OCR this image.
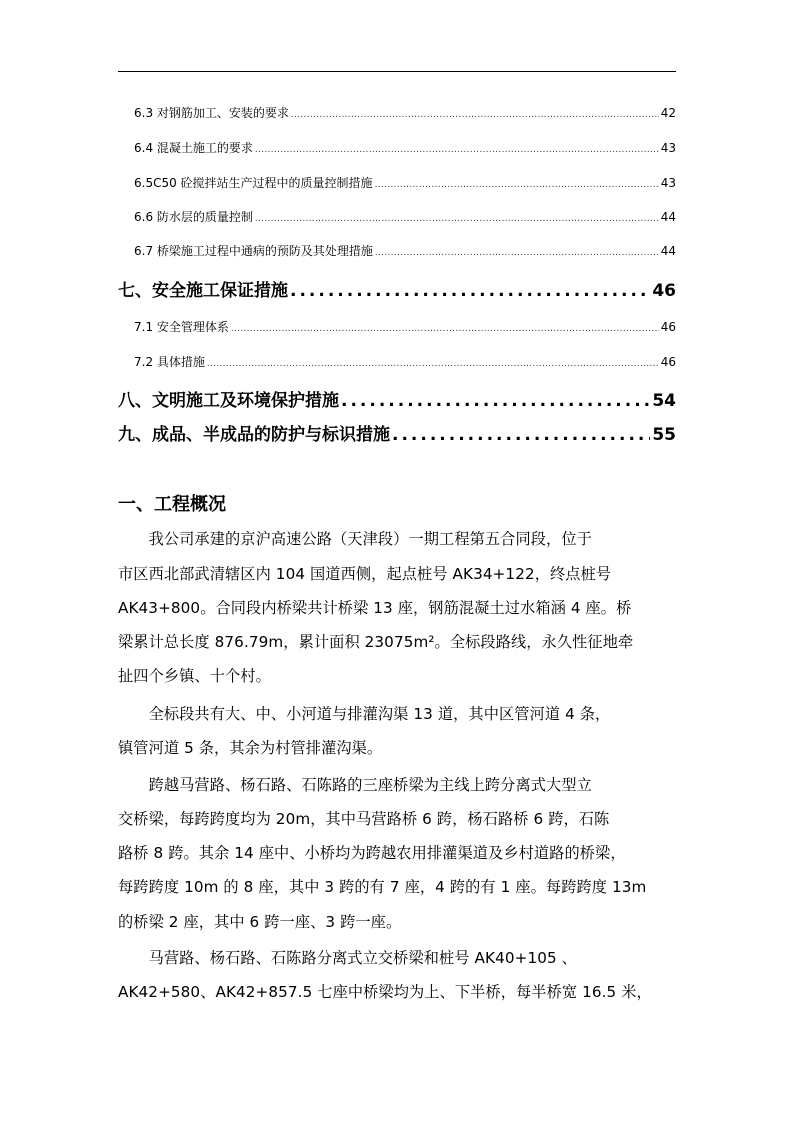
6.3 对钢筋加工、安装的要求 .....	42
6.4 混凝土施工的要求 .....	43
6.5C50 砼搅拌站生产过程中的质量控制措施 .....	43
6.6 防水层的质量控制 .....	44
6.7 桥梁施工过程中通病的预防及其处理措施 .....	44
七、安全施工保证措施 .....	46
7.1 安全管理体系 .....	46
7.2 具体措施 .....	46
八、文明施工及环境保护措施 .....	54
九、成品、半成品的防护与标识措施 .....	55
一、工程概况
　　我公司承建的京沪高速公路（天津段）一期工程第五合同段，位于
市区西北部武清辖区内 104 国道西侧，起点桩号 AK34+122，终点桩号
AK43+800。合同段内桥梁共计桥梁 13 座，钢筋混凝土过水箱涵 4 座。桥
梁累计总长度 876.79m，累计面积 23075m²。全标段路线，永久性征地牵
扯四个乡镇、十个村。
　　全标段共有大、中、小河道与排灌沟渠 13 道，其中区管河道 4 条，
镇管河道 5 条，其余为村管排灌沟渠。
　　跨越马营路、杨石路、石陈路的三座桥梁为主线上跨分离式大型立
交桥梁，每跨跨度均为 20m，其中马营路桥 6 跨，杨石路桥 6 跨，石陈
路桥 8 跨。其余 14 座中、小桥均为跨越农用排灌渠道及乡村道路的桥梁，
每跨跨度 10m 的 8 座，其中 3 跨的有 7 座，4 跨的有 1 座。每跨跨度 13m
的桥梁 2 座，其中 6 跨一座、3 跨一座。
　　马营路、杨石路、石陈路分离式立交桥梁和桩号 AK40+105 、
AK42+580、AK42+857.5 七座中桥梁均为上、下半桥，每半桥宽 16.5 米，
